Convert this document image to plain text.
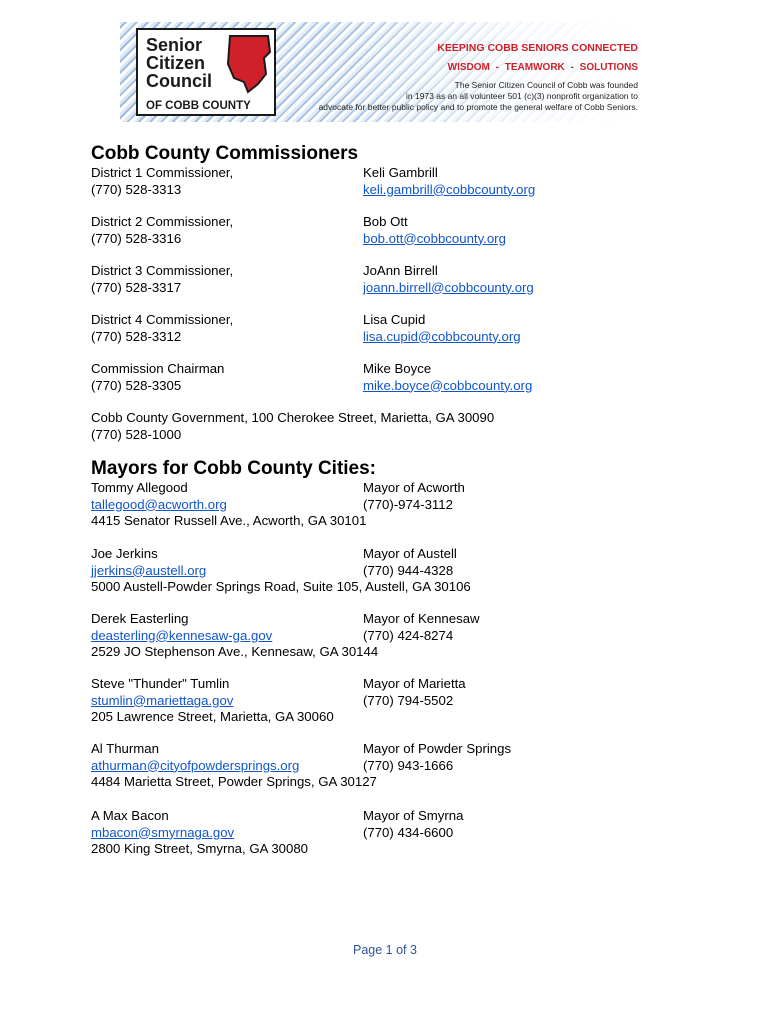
Senior
Citizen
Council
OF COBB COUNTY
KEEPING COBB SENIORS CONNECTED
WISDOM - TEAMWORK - SOLUTIONS
The Senior Citizen Council of Cobb was founded
in 1973 as an all volunteer 501 (c)(3) nonprofit organization to
advocate for better public policy and to promote the general welfare of Cobb Seniors.
Cobb County Commissioners
District 1 Commissioner,
(770) 528-3313
Keli Gambrill
keli.gambrill@cobbcounty.org
District 2 Commissioner,
(770) 528-3316
Bob Ott
bob.ott@cobbcounty.org
District 3 Commissioner,
(770) 528-3317
JoAnn Birrell
joann.birrell@cobbcounty.org
District 4 Commissioner,
(770) 528-3312
Lisa Cupid
lisa.cupid@cobbcounty.org
Commission Chairman
(770) 528-3305
Mike Boyce
mike.boyce@cobbcounty.org
Cobb County Government, 100 Cherokee Street, Marietta, GA 30090
(770) 528-1000
Mayors for Cobb County Cities:
Tommy Allegood
tallegood@acworth.org
Mayor of Acworth
(770)-974-3112
4415 Senator Russell Ave., Acworth, GA 30101
Joe Jerkins
jjerkins@austell.org
Mayor of Austell
(770) 944-4328
5000 Austell-Powder Springs Road, Suite 105, Austell, GA 30106
Derek Easterling
deasterling@kennesaw-ga.gov
Mayor of Kennesaw
(770) 424-8274
2529 JO Stephenson Ave., Kennesaw, GA 30144
Steve "Thunder" Tumlin
stumlin@mariettaga.gov
Mayor of Marietta
(770) 794-5502
205 Lawrence Street, Marietta, GA 30060
Al Thurman
athurman@cityofpowdersprings.org
Mayor of Powder Springs
(770) 943-1666
4484 Marietta Street, Powder Springs, GA 30127
A Max Bacon
mbacon@smyrnaga.gov
Mayor of Smyrna
(770) 434-6600
2800 King Street, Smyrna, GA 30080
Page 1 of 3
